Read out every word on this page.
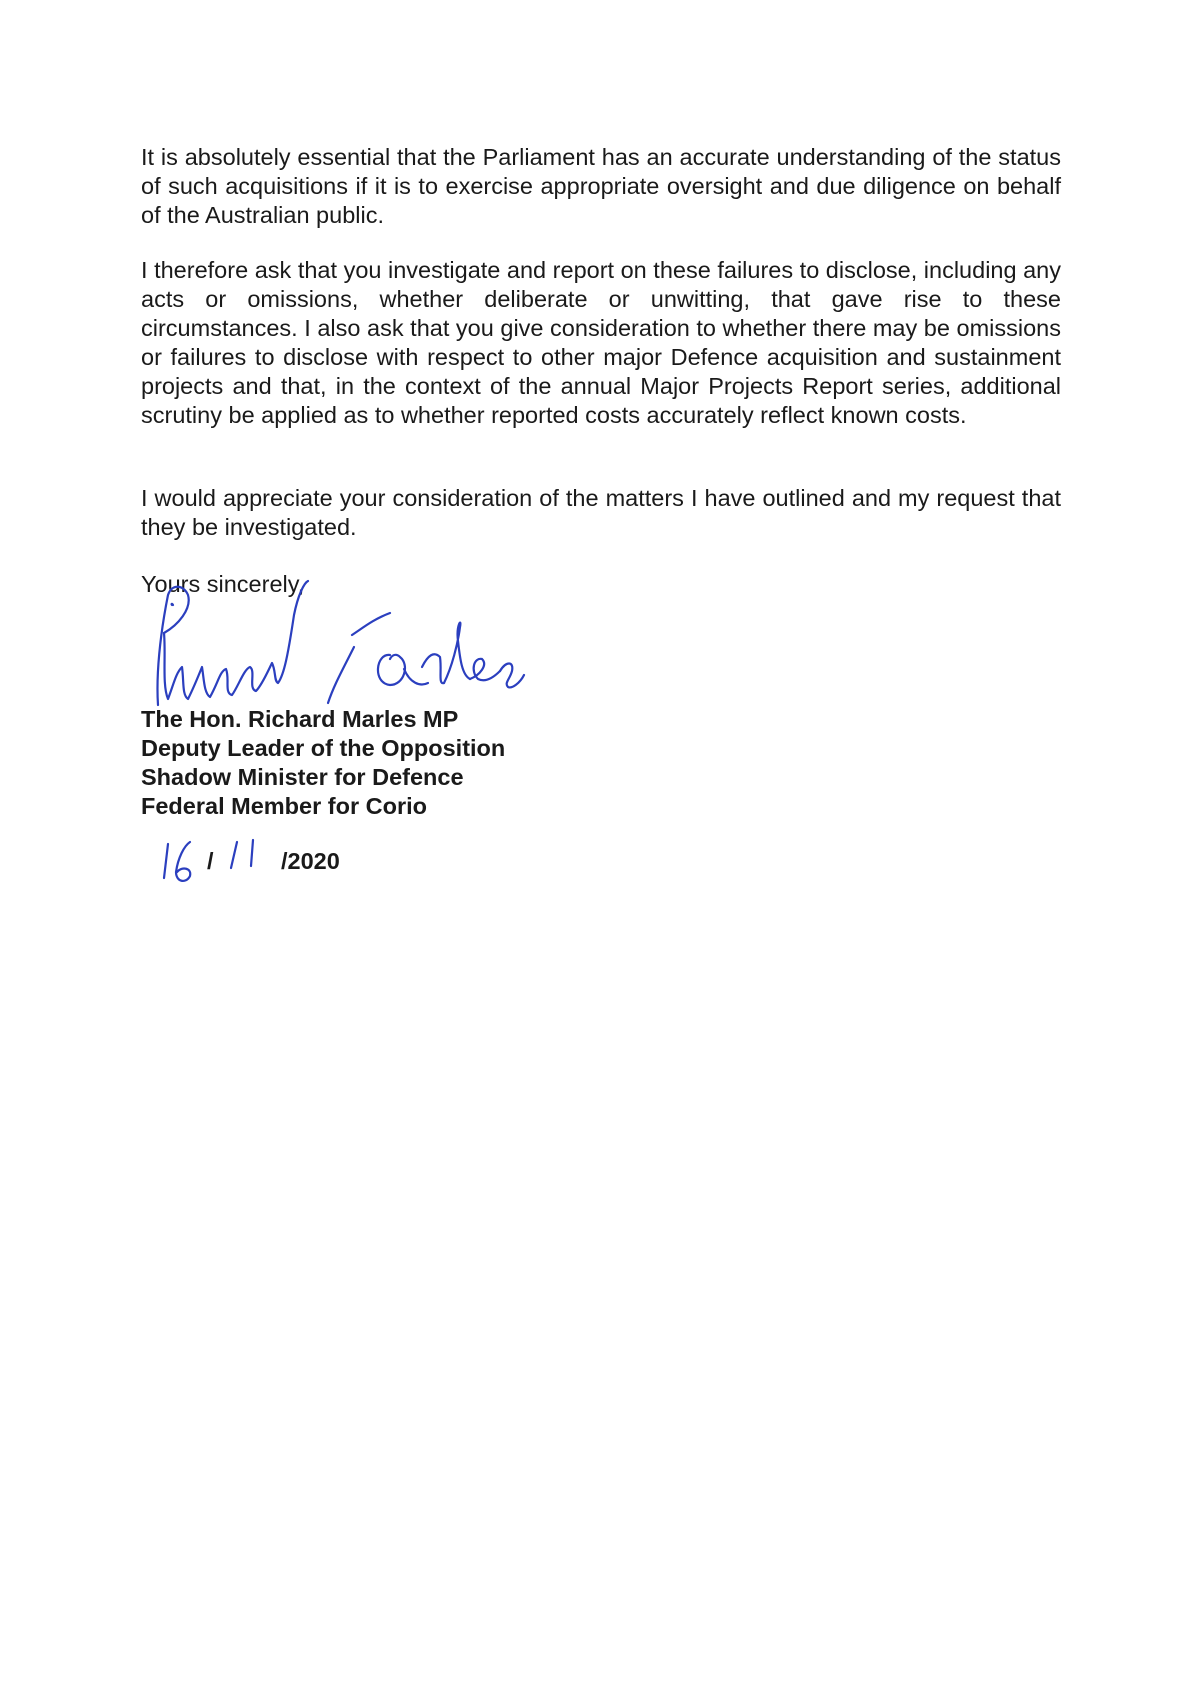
It is absolutely essential that the Parliament has an accurate understanding of the status of such acquisitions if it is to exercise appropriate oversight and due diligence on behalf of the Australian public.

I therefore ask that you investigate and report on these failures to disclose, including any acts or omissions, whether deliberate or unwitting, that gave rise to these circumstances. I also ask that you give consideration to whether there may be omissions or failures to disclose with respect to other major Defence acquisition and sustainment projects and that, in the context of the annual Major Projects Report series, additional scrutiny be applied as to whether reported costs accurately reflect known costs.

I would appreciate your consideration of the matters I have outlined and my request that they be investigated.

Yours sincerely,

The Hon. Richard Marles MP
Deputy Leader of the Opposition
Shadow Minister for Defence
Federal Member for Corio
/	/2020
